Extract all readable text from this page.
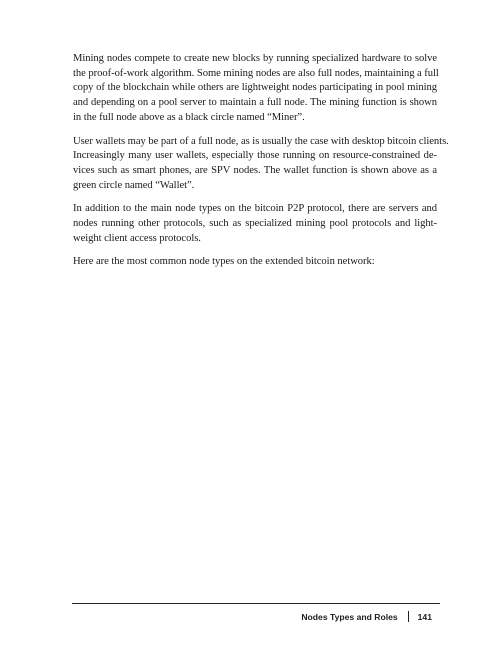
Mining nodes compete to create new blocks by running specialized hardware to solve
the proof-of-work algorithm. Some mining nodes are also full nodes, maintaining a full
copy of the blockchain while others are lightweight nodes participating in pool mining
and depending on a pool server to maintain a full node. The mining function is shown
in the full node above as a black circle named “Miner”.

User wallets may be part of a full node, as is usually the case with desktop bitcoin clients.
Increasingly many user wallets, especially those running on resource-constrained de-
vices such as smart phones, are SPV nodes. The wallet function is shown above as a
green circle named “Wallet”.

In addition to the main node types on the bitcoin P2P protocol, there are servers and
nodes running other protocols, such as specialized mining pool protocols and light-
weight client access protocols.

Here are the most common node types on the extended bitcoin network:

Nodes Types and Roles 141
